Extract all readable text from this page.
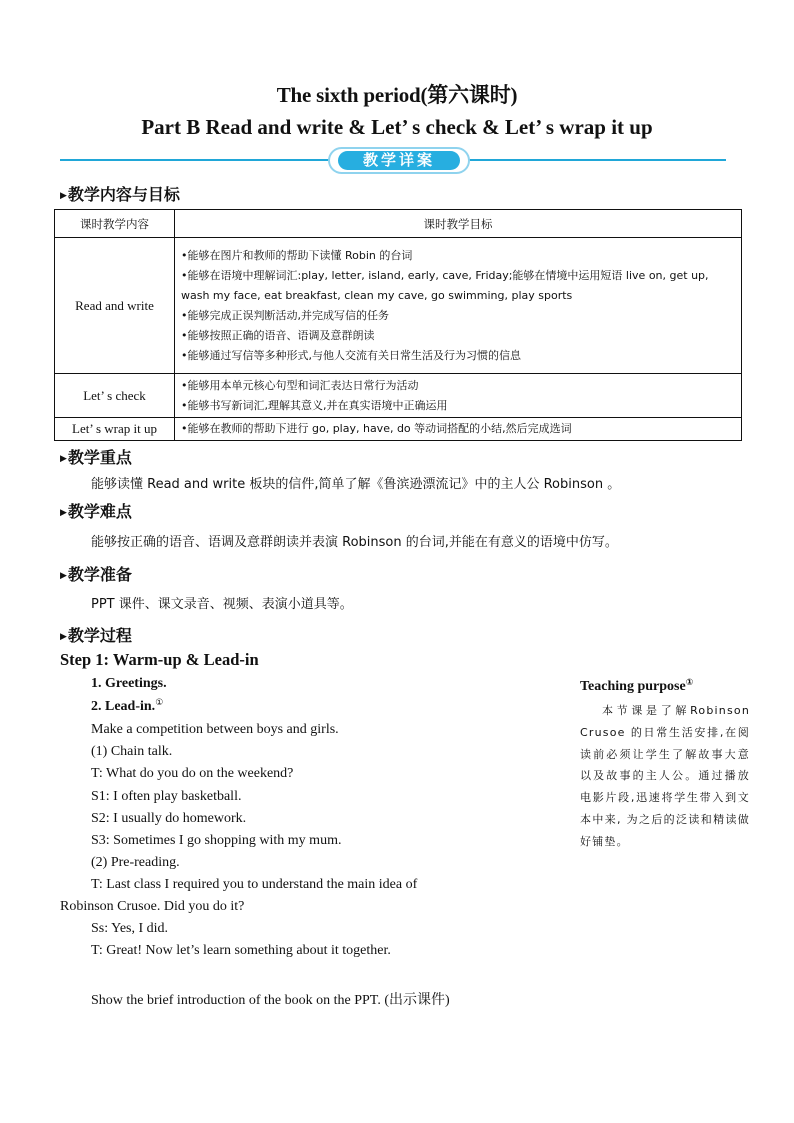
The sixth period(第六课时)
Part B Read and write & Let’ s check & Let’ s wrap it up
教学详案
▶教学内容与目标
课时教学内容	课时教学目标
Read and write	•能够在图片和教师的帮助下读懂 Robin 的台词
•能够在语境中理解词汇:play, letter, island, early, cave, Friday;能够在情境中运用短语 live on, get up, wash my face, eat breakfast, clean my cave, go swimming, play sports
•能够完成正误判断活动,并完成写信的任务
•能够按照正确的语音、语调及意群朗读
•能够通过写信等多种形式,与他人交流有关日常生活及行为习惯的信息

Let’ s check	•能够用本单元核心句型和词汇表达日常行为活动
•能够书写新词汇,理解其意义,并在真实语境中正确运用

Let’ s wrap it up	•能够在教师的帮助下进行 go, play, have, do 等动词搭配的小结,然后完成选词
▶教学重点
能够读懂 Read and write 板块的信件,简单了解《鲁滨逊漂流记》中的主人公 Robinson 。
▶教学难点
能够按正确的语音、语调及意群朗读并表演 Robinson 的台词,并能在有意义的语境中仿写。
▶教学准备
PPT 课件、课文录音、视频、表演小道具等。
▶教学过程
Step 1: Warm-up & Lead-in
1. Greetings.
2. Lead-in.①
Make a competition between boys and girls.
(1) Chain talk.
T: What do you do on the weekend?
S1: I often play basketball.
S2: I usually do homework.
S3: Sometimes I go shopping with my mum.
(2) Pre-reading.
T: Last class I required you to understand the main idea of
Robinson Crusoe. Did you do it?
Ss: Yes, I did.
T: Great! Now let’s learn something about it together.
Show the brief introduction of the book on the PPT. (出示课件)
Teaching purpose①
本节课是了解Robinson Crusoe 的日常生活安排,在阅读前必须让学生了解故事大意以及故事的主人公。通过播放电影片段,迅速将学生带入到文本中来, 为之后的泛读和精读做好铺垫。
